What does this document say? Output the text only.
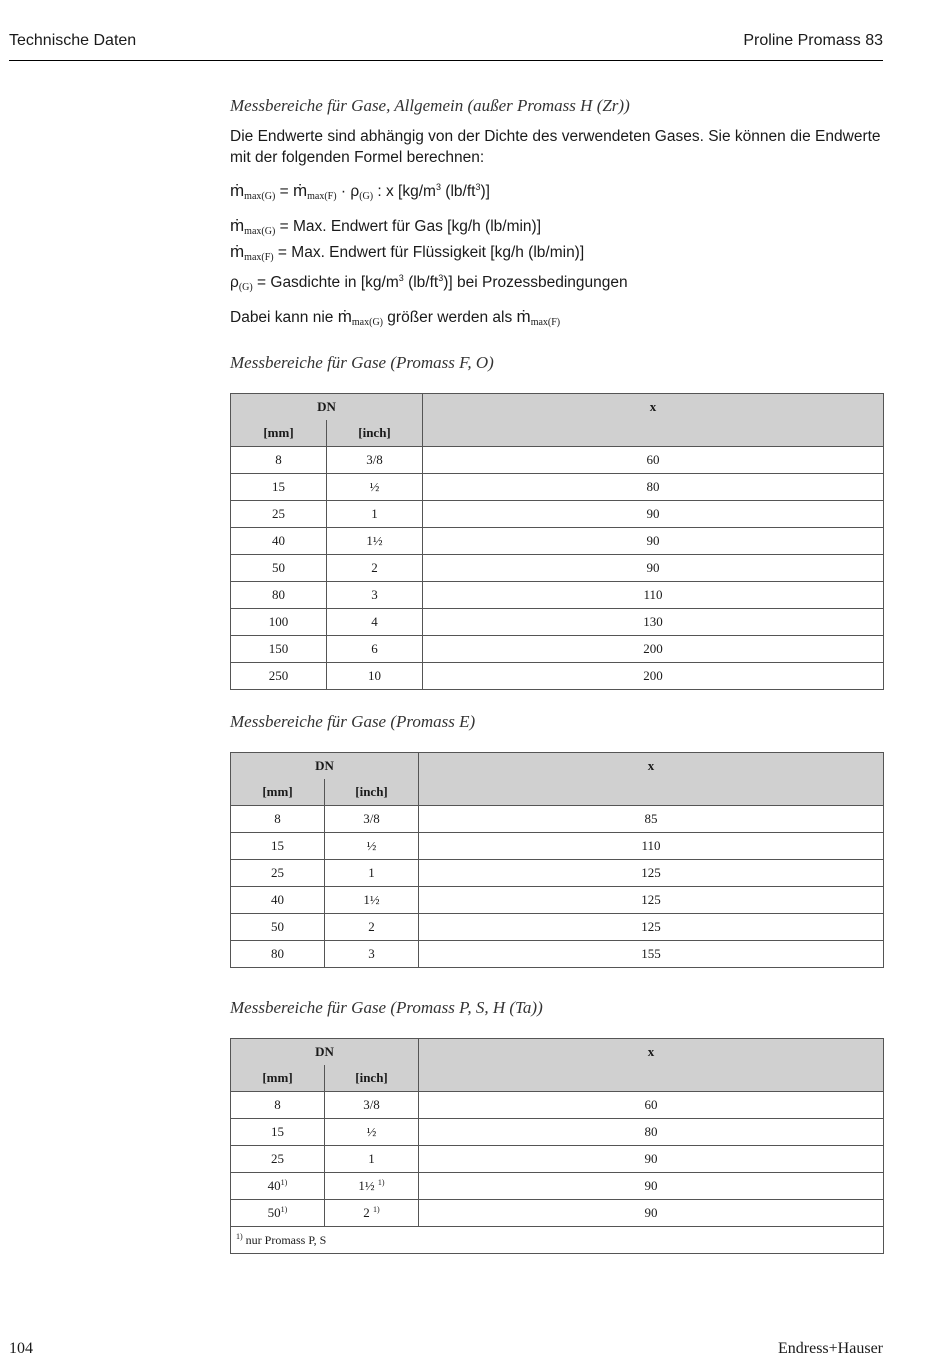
Technische Daten	Proline Promass 83

Messbereiche für Gase, Allgemein (außer Promass H (Zr))

Die Endwerte sind abhängig von der Dichte des verwendeten Gases. Sie können die Endwerte mit der folgenden Formel berechnen:

ṁ$_{max(G)}$ = ṁ$_{max(F)}$ · $\rho_{(G)}$ : x [$kg/m^3$ $(lb/ft^3)$]

ṁ$_{max(G)}$ = Max. Endwert für Gas [kg/h (lb/min)]

ṁ$_{max(F)}$ = Max. Endwert für Flüssigkeit [kg/h (lb/min)]

$\rho_{(G)}$ = Gasdichte in [$kg/m^3$ $(lb/ft^3)$] bei Prozessbedingungen

Dabei kann nie ṁ$_{max(G)}$ größer werden als ṁ$_{max(F)}$

Messbereiche für Gase (Promass F, O)

DN		x
[mm]	[inch]	
8	3/8	60
15	½	80
25	1	90
40	1½	90
50	2	90
80	3	110
100	4	130
150	6	200
250	10	200

Messbereiche für Gase (Promass E)

DN		x
[mm]	[inch]	
8	3/8	85
15	½	110
25	1	125
40	1½	125
50	2	125
80	3	155

Messbereiche für Gase (Promass P, S, H (Ta))

DN		x
[mm]	[inch]	
8	3/8	60
15	½	80
25	1	90
40$^{1)}$	1½ $^{1)}$	90
50$^{1)}$	2 $^{1)}$	90
$^{1)}$ nur Promass P, S		
104	Endress+Hauser
